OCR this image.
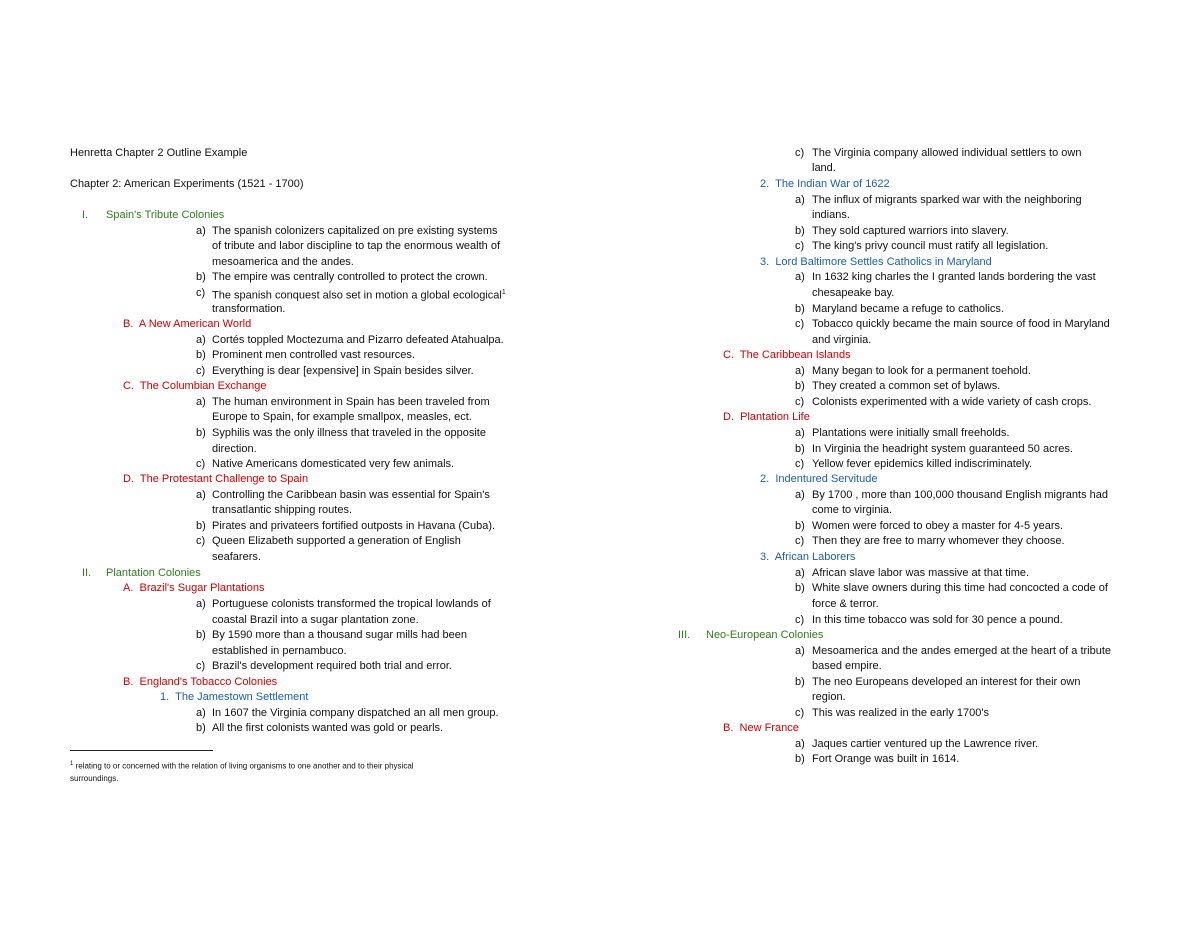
Henretta Chapter 2 Outline Example
Chapter 2: American Experiments (1521 - 1700)
I. Spain's Tribute Colonies
a) The spanish colonizers capitalized on pre existing systems
of tribute and labor discipline to tap the enormous wealth of
mesoamerica and the andes.
b) The empire was centrally controlled to protect the crown.
c) The spanish conquest also set in motion a global ecological$^1$
transformation.
B. A New American World
a) Cortés toppled Moctezuma and Pizarro defeated Atahualpa.
b) Prominent men controlled vast resources.
c) Everything is dear [expensive] in Spain besides silver.
C. The Columbian Exchange
a) The human environment in Spain has been traveled from
Europe to Spain, for example smallpox, measles, ect.
b) Syphilis was the only illness that traveled in the opposite
direction.
c) Native Americans domesticated very few animals.
D. The Protestant Challenge to Spain
a) Controlling the Caribbean basin was essential for Spain's
transatlantic shipping routes.
b) Pirates and privateers fortified outposts in Havana (Cuba).
c) Queen Elizabeth supported a generation of English
seafarers.
II. Plantation Colonies
A. Brazil's Sugar Plantations
a) Portuguese colonists transformed the tropical lowlands of
coastal Brazil into a sugar plantation zone.
b) By 1590 more than a thousand sugar mills had been
established in pernambuco.
c) Brazil's development required both trial and error.
B. England's Tobacco Colonies
1. The Jamestown Settlement
a) In 1607 the Virginia company dispatched an all men group.
b) All the first colonists wanted was gold or pearls.
$^1$ relating to or concerned with the relation of living organisms to one another and to their physical
surroundings.
c) The Virginia company allowed individual settlers to own
land.
2. The Indian War of 1622
a) The influx of migrants sparked war with the neighboring
indians.
b) They sold captured warriors into slavery.
c) The king's privy council must ratify all legislation.
3. Lord Baltimore Settles Catholics in Maryland
a) In 1632 king charles the I granted lands bordering the vast
chesapeake bay.
b) Maryland became a refuge to catholics.
c) Tobacco quickly became the main source of food in Maryland
and virginia.
C. The Caribbean Islands
a) Many began to look for a permanent toehold.
b) They created a common set of bylaws.
c) Colonists experimented with a wide variety of cash crops.
D. Plantation Life
a) Plantations were initially small freeholds.
b) In Virginia the headright system guaranteed 50 acres.
c) Yellow fever epidemics killed indiscriminately.
2. Indentured Servitude
a) By 1700 , more than 100,000 thousand English migrants had
come to virginia.
b) Women were forced to obey a master for 4-5 years.
c) Then they are free to marry whomever they choose.
3. African Laborers
a) African slave labor was massive at that time.
b) White slave owners during this time had concocted a code of
force & terror.
c) In this time tobacco was sold for 30 pence a pound.
III. Neo-European Colonies
a) Mesoamerica and the andes emerged at the heart of a tribute
based empire.
b) The neo Europeans developed an interest for their own
region.
c) This was realized in the early 1700's
B. New France
a) Jaques cartier ventured up the Lawrence river.
b) Fort Orange was built in 1614.
